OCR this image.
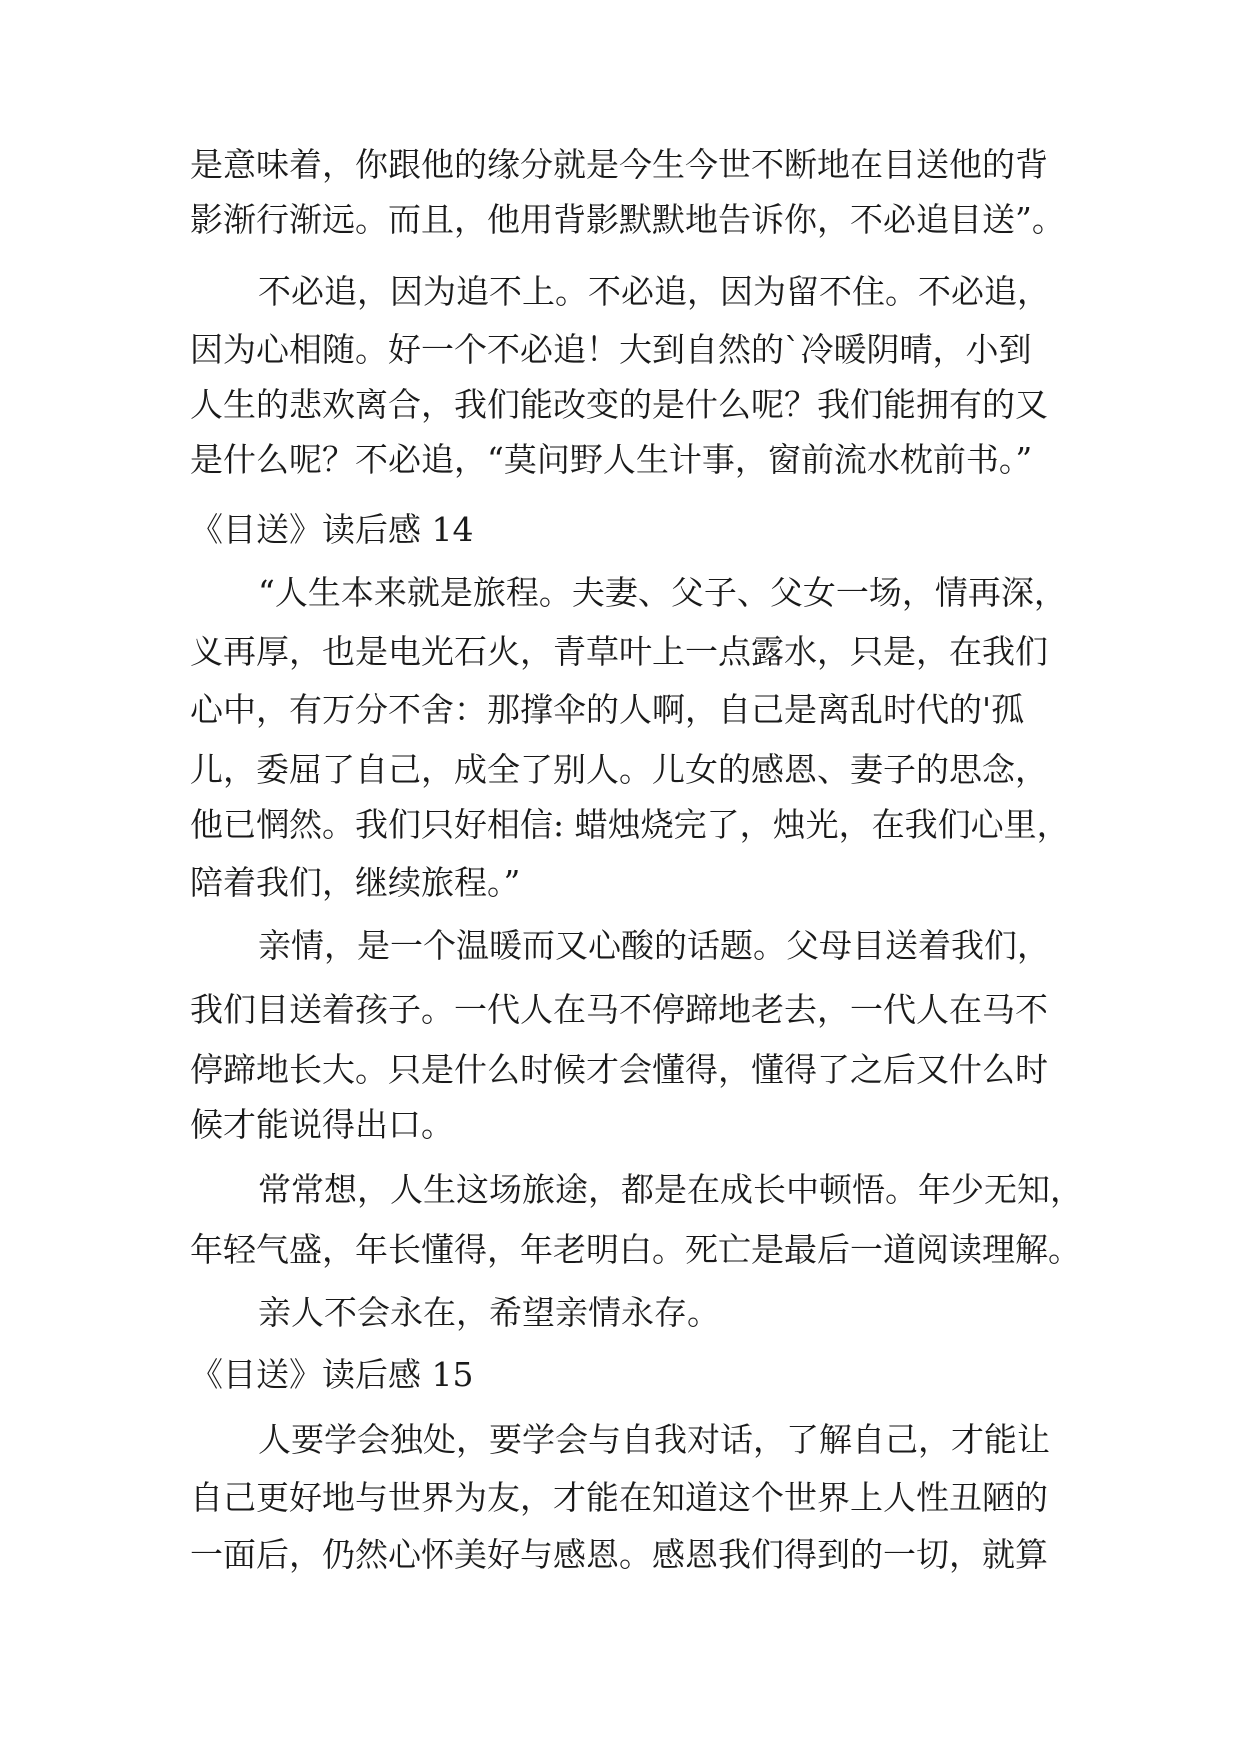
是意味着，你跟他的缘分就是今生今世不断地在目送他的背
影渐行渐远。而且，他用背影默默地告诉你，不必追目送”。
不必追，因为追不上。不必追，因为留不住。不必追，
因为心相随。好一个不必追！大到自然的`冷暖阴晴，小到
人生的悲欢离合，我们能改变的是什么呢？我们能拥有的又
是什么呢？不必追，“莫问野人生计事，窗前流水枕前书。”
《目送》读后感 14
“人生本来就是旅程。夫妻、父子、父女一场，情再深，
义再厚，也是电光石火，青草叶上一点露水，只是，在我们
心中，有万分不舍：那撑伞的人啊，自己是离乱时代的'孤
儿，委屈了自己，成全了别人。儿女的感恩、妻子的思念，
他已惘然。我们只好相信: 蜡烛烧完了，烛光，在我们心里，
陪着我们，继续旅程。”
亲情，是一个温暖而又心酸的话题。父母目送着我们，
我们目送着孩子。一代人在马不停蹄地老去，一代人在马不
停蹄地长大。只是什么时候才会懂得，懂得了之后又什么时
候才能说得出口。
常常想，人生这场旅途，都是在成长中顿悟。年少无知，
年轻气盛，年长懂得，年老明白。死亡是最后一道阅读理解。
亲人不会永在，希望亲情永存。
《目送》读后感 15
人要学会独处，要学会与自我对话，了解自己，才能让
自己更好地与世界为友，才能在知道这个世界上人性丑陋的
一面后，仍然心怀美好与感恩。感恩我们得到的一切，就算
